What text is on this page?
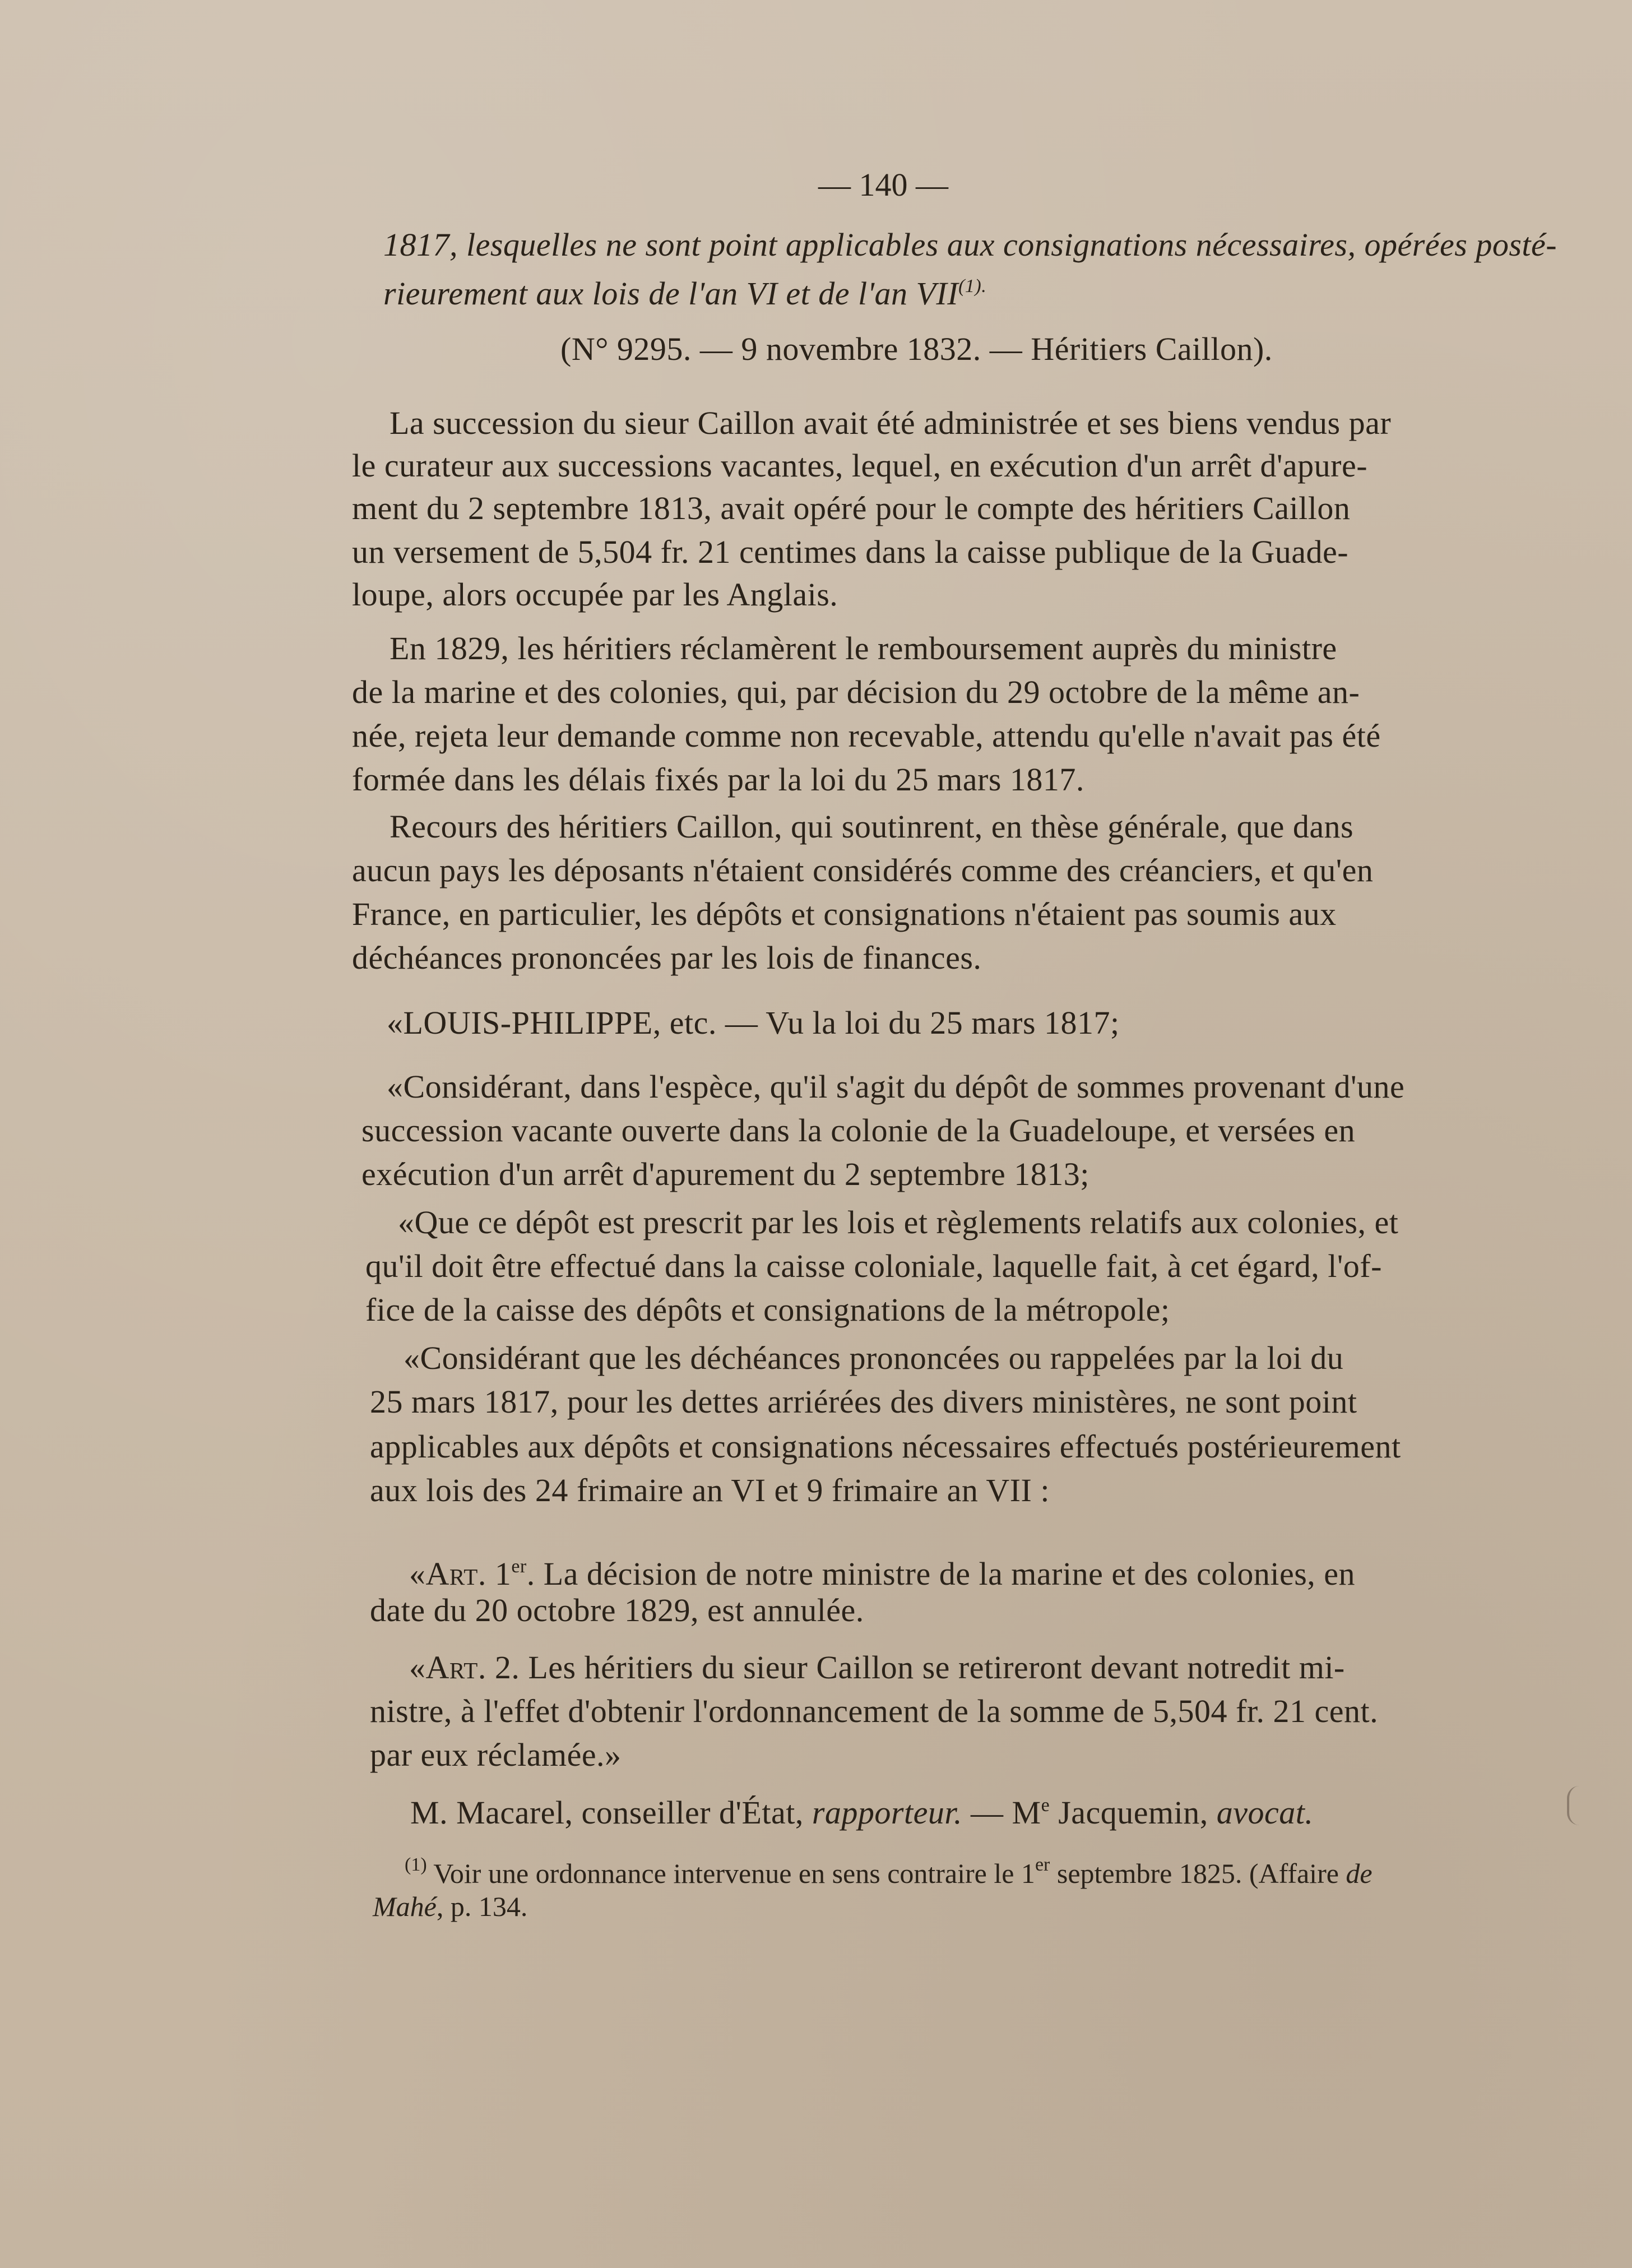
— 140 —
1817, lesquelles ne sont point applicables aux consignations nécessaires, opérées posté-
rieurement aux lois de l'an VI et de l'an $VII^{(1).}$
(N° 9295. — 9 novembre 1832. — Héritiers Caillon).
La succession du sieur Caillon avait été administrée et ses biens vendus par
le curateur aux successions vacantes, lequel, en exécution d'un arrêt d'apure-
ment du 2 septembre 1813, avait opéré pour le compte des héritiers Caillon
un versement de 5,504 fr. 21 centimes dans la caisse publique de la Guade-
loupe, alors occupée par les Anglais.
En 1829, les héritiers réclamèrent le remboursement auprès du ministre
de la marine et des colonies, qui, par décision du 29 octobre de la même an-
née, rejeta leur demande comme non recevable, attendu qu'elle n'avait pas été
formée dans les délais fixés par la loi du 25 mars 1817.
Recours des héritiers Caillon, qui soutinrent, en thèse générale, que dans
aucun pays les déposants n'étaient considérés comme des créanciers, et qu'en
France, en particulier, les dépôts et consignations n'étaient pas soumis aux
déchéances prononcées par les lois de finances.
«LOUIS-PHILIPPE, etc. — Vu la loi du 25 mars 1817;
«Considérant, dans l'espèce, qu'il s'agit du dépôt de sommes provenant d'une
succession vacante ouverte dans la colonie de la Guadeloupe, et versées en
exécution d'un arrêt d'apurement du 2 septembre 1813;
«Que ce dépôt est prescrit par les lois et règlements relatifs aux colonies, et
qu'il doit être effectué dans la caisse coloniale, laquelle fait, à cet égard, l'of-
fice de la caisse des dépôts et consignations de la métropole;
«Considérant que les déchéances prononcées ou rappelées par la loi du
25 mars 1817, pour les dettes arriérées des divers ministères, ne sont point
applicables aux dépôts et consignations nécessaires effectués postérieurement
aux lois des 24 frimaire an VI et 9 frimaire an VII :
«Art. 1er. La décision de notre ministre de la marine et des colonies, en
date du 20 octobre 1829, est annulée.
«Art. 2. Les héritiers du sieur Caillon se retireront devant notredit mi-
nistre, à l'effet d'obtenir l'ordonnancement de la somme de 5,504 fr. 21 cent.
par eux réclamée.»
M. Macarel, conseiller d'État, rapporteur. — Me Jacquemin, avocat.
$^{(1)}$ Voir une ordonnance intervenue en sens contraire le 1er septembre 1825. (Affaire de
Mahé, p. 134.
